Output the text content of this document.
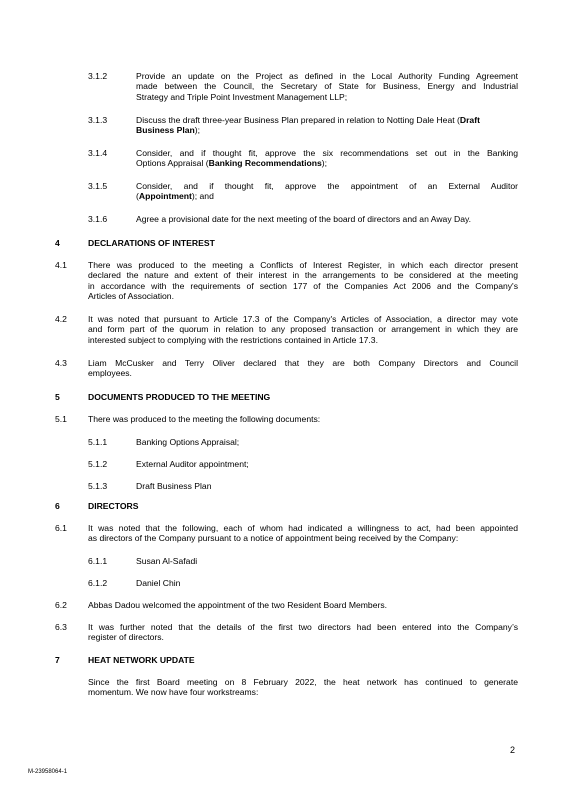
3.1.2	Provide an update on the Project as defined in the Local Authority Funding Agreement
made between the Council, the Secretary of State for Business, Energy and Industrial
Strategy and Triple Point Investment Management LLP;
3.1.3	Discuss the draft three-year Business Plan prepared in relation to Notting Dale Heat (Draft
Business Plan);
3.1.4	Consider, and if thought fit, approve the six recommendations set out in the Banking
Options Appraisal (Banking Recommendations);
3.1.5	Consider, and if thought fit, approve the appointment of an External Auditor
(Appointment); and
3.1.6	Agree a provisional date for the next meeting of the board of directors and an Away Day.
4	DECLARATIONS OF INTEREST
4.1 There was produced to the meeting a Conflicts of Interest Register, in which each director present
declared the nature and extent of their interest in the arrangements to be considered at the meeting
in accordance with the requirements of section 177 of the Companies Act 2006 and the Company's
Articles of Association.
4.2 It was noted that pursuant to Article 17.3 of the Company's Articles of Association, a director may vote
and form part of the quorum in relation to any proposed transaction or arrangement in which they are
interested subject to complying with the restrictions contained in Article 17.3.
4.3 Liam McCusker and Terry Oliver declared that they are both Company Directors and Council
employees.
5	DOCUMENTS PRODUCED TO THE MEETING
5.1 There was produced to the meeting the following documents:
5.1.1	Banking Options Appraisal;
5.1.2	External Auditor appointment;
5.1.3	Draft Business Plan
6	DIRECTORS
6.1 It was noted that the following, each of whom had indicated a willingness to act, had been appointed
as directors of the Company pursuant to a notice of appointment being received by the Company:
6.1.1	Susan Al-Safadi
6.1.2	Daniel Chin
6.2 Abbas Dadou welcomed the appointment of the two Resident Board Members.
6.3 It was further noted that the details of the first two directors had been entered into the Company’s
register of directors.
7	HEAT NETWORK UPDATE
Since the first Board meeting on 8 February 2022, the heat network has continued to generate
momentum. We now have four workstreams:
2
M-23958064-1
